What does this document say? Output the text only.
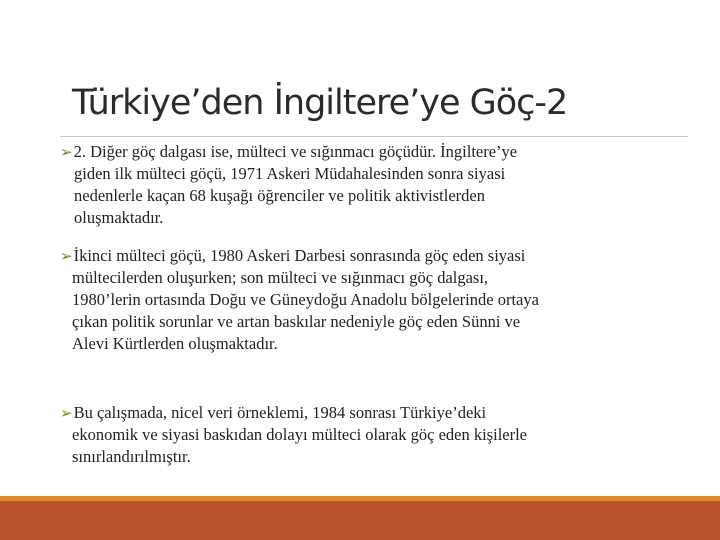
Türkiye’den İngiltere’ye Göç-2
➢2. Diğer göç dalgası ise, mülteci ve sığınmacı göçüdür. İngiltere’ye
giden ilk mülteci göçü, 1971 Askeri Müdahalesinden sonra siyasi
nedenlerle kaçan 68 kuşağı öğrenciler ve politik aktivistlerden
oluşmaktadır.
➢İkinci mülteci göçü, 1980 Askeri Darbesi sonrasında göç eden siyasi
mültecilerden oluşurken; son mülteci ve sığınmacı göç dalgası,
1980’lerin ortasında Doğu ve Güneydoğu Anadolu bölgelerinde ortaya
çıkan politik sorunlar ve artan baskılar nedeniyle göç eden Sünni ve
Alevi Kürtlerden oluşmaktadır.
➢Bu çalışmada, nicel veri örneklemi, 1984 sonrası Türkiye’deki
ekonomik ve siyasi baskıdan dolayı mülteci olarak göç eden kişilerle
sınırlandırılmıştır.
